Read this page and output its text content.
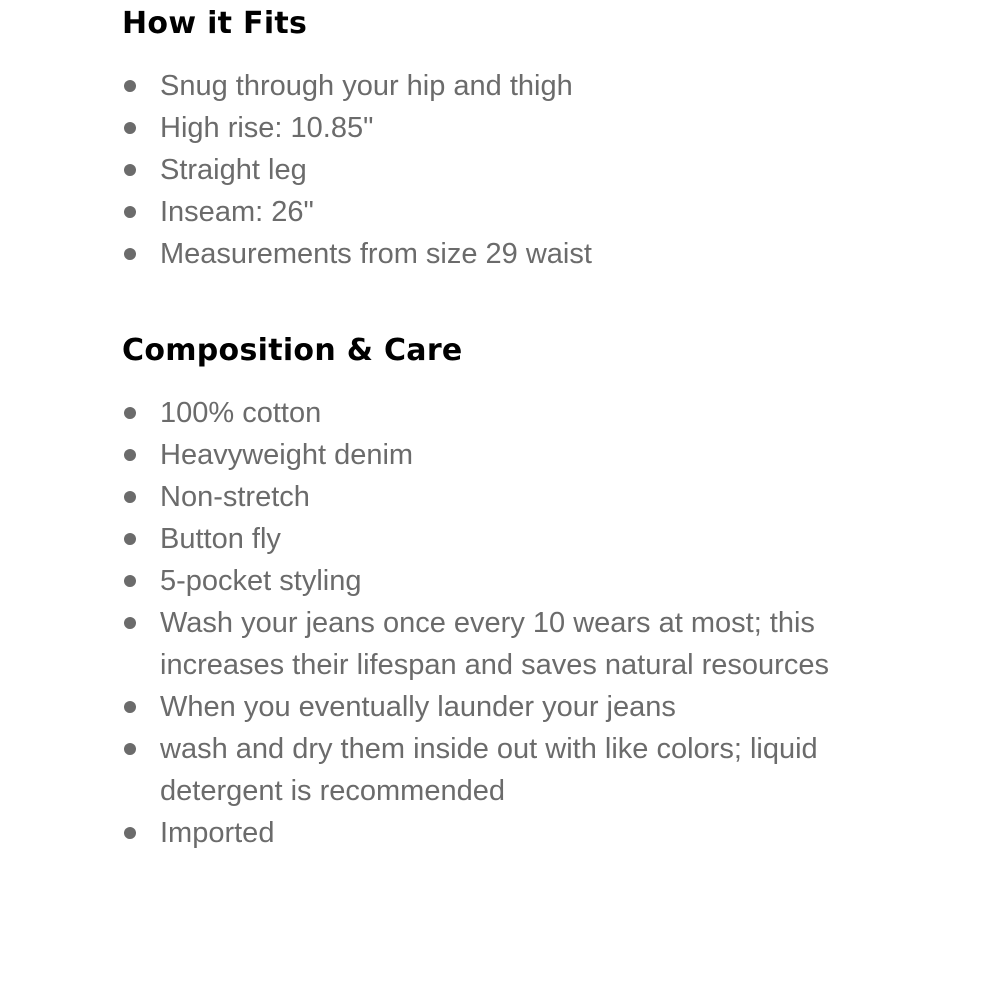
How it Fits
Snug through your hip and thigh
High rise: 10.85"
Straight leg
Inseam: 26"
Measurements from size 29 waist
Composition & Care
100% cotton
Heavyweight denim
Non-stretch
Button fly
5-pocket styling
Wash your jeans once every 10 wears at most; this increases their lifespan and saves natural resources
When you eventually launder your jeans
wash and dry them inside out with like colors; liquid detergent is recommended
Imported
